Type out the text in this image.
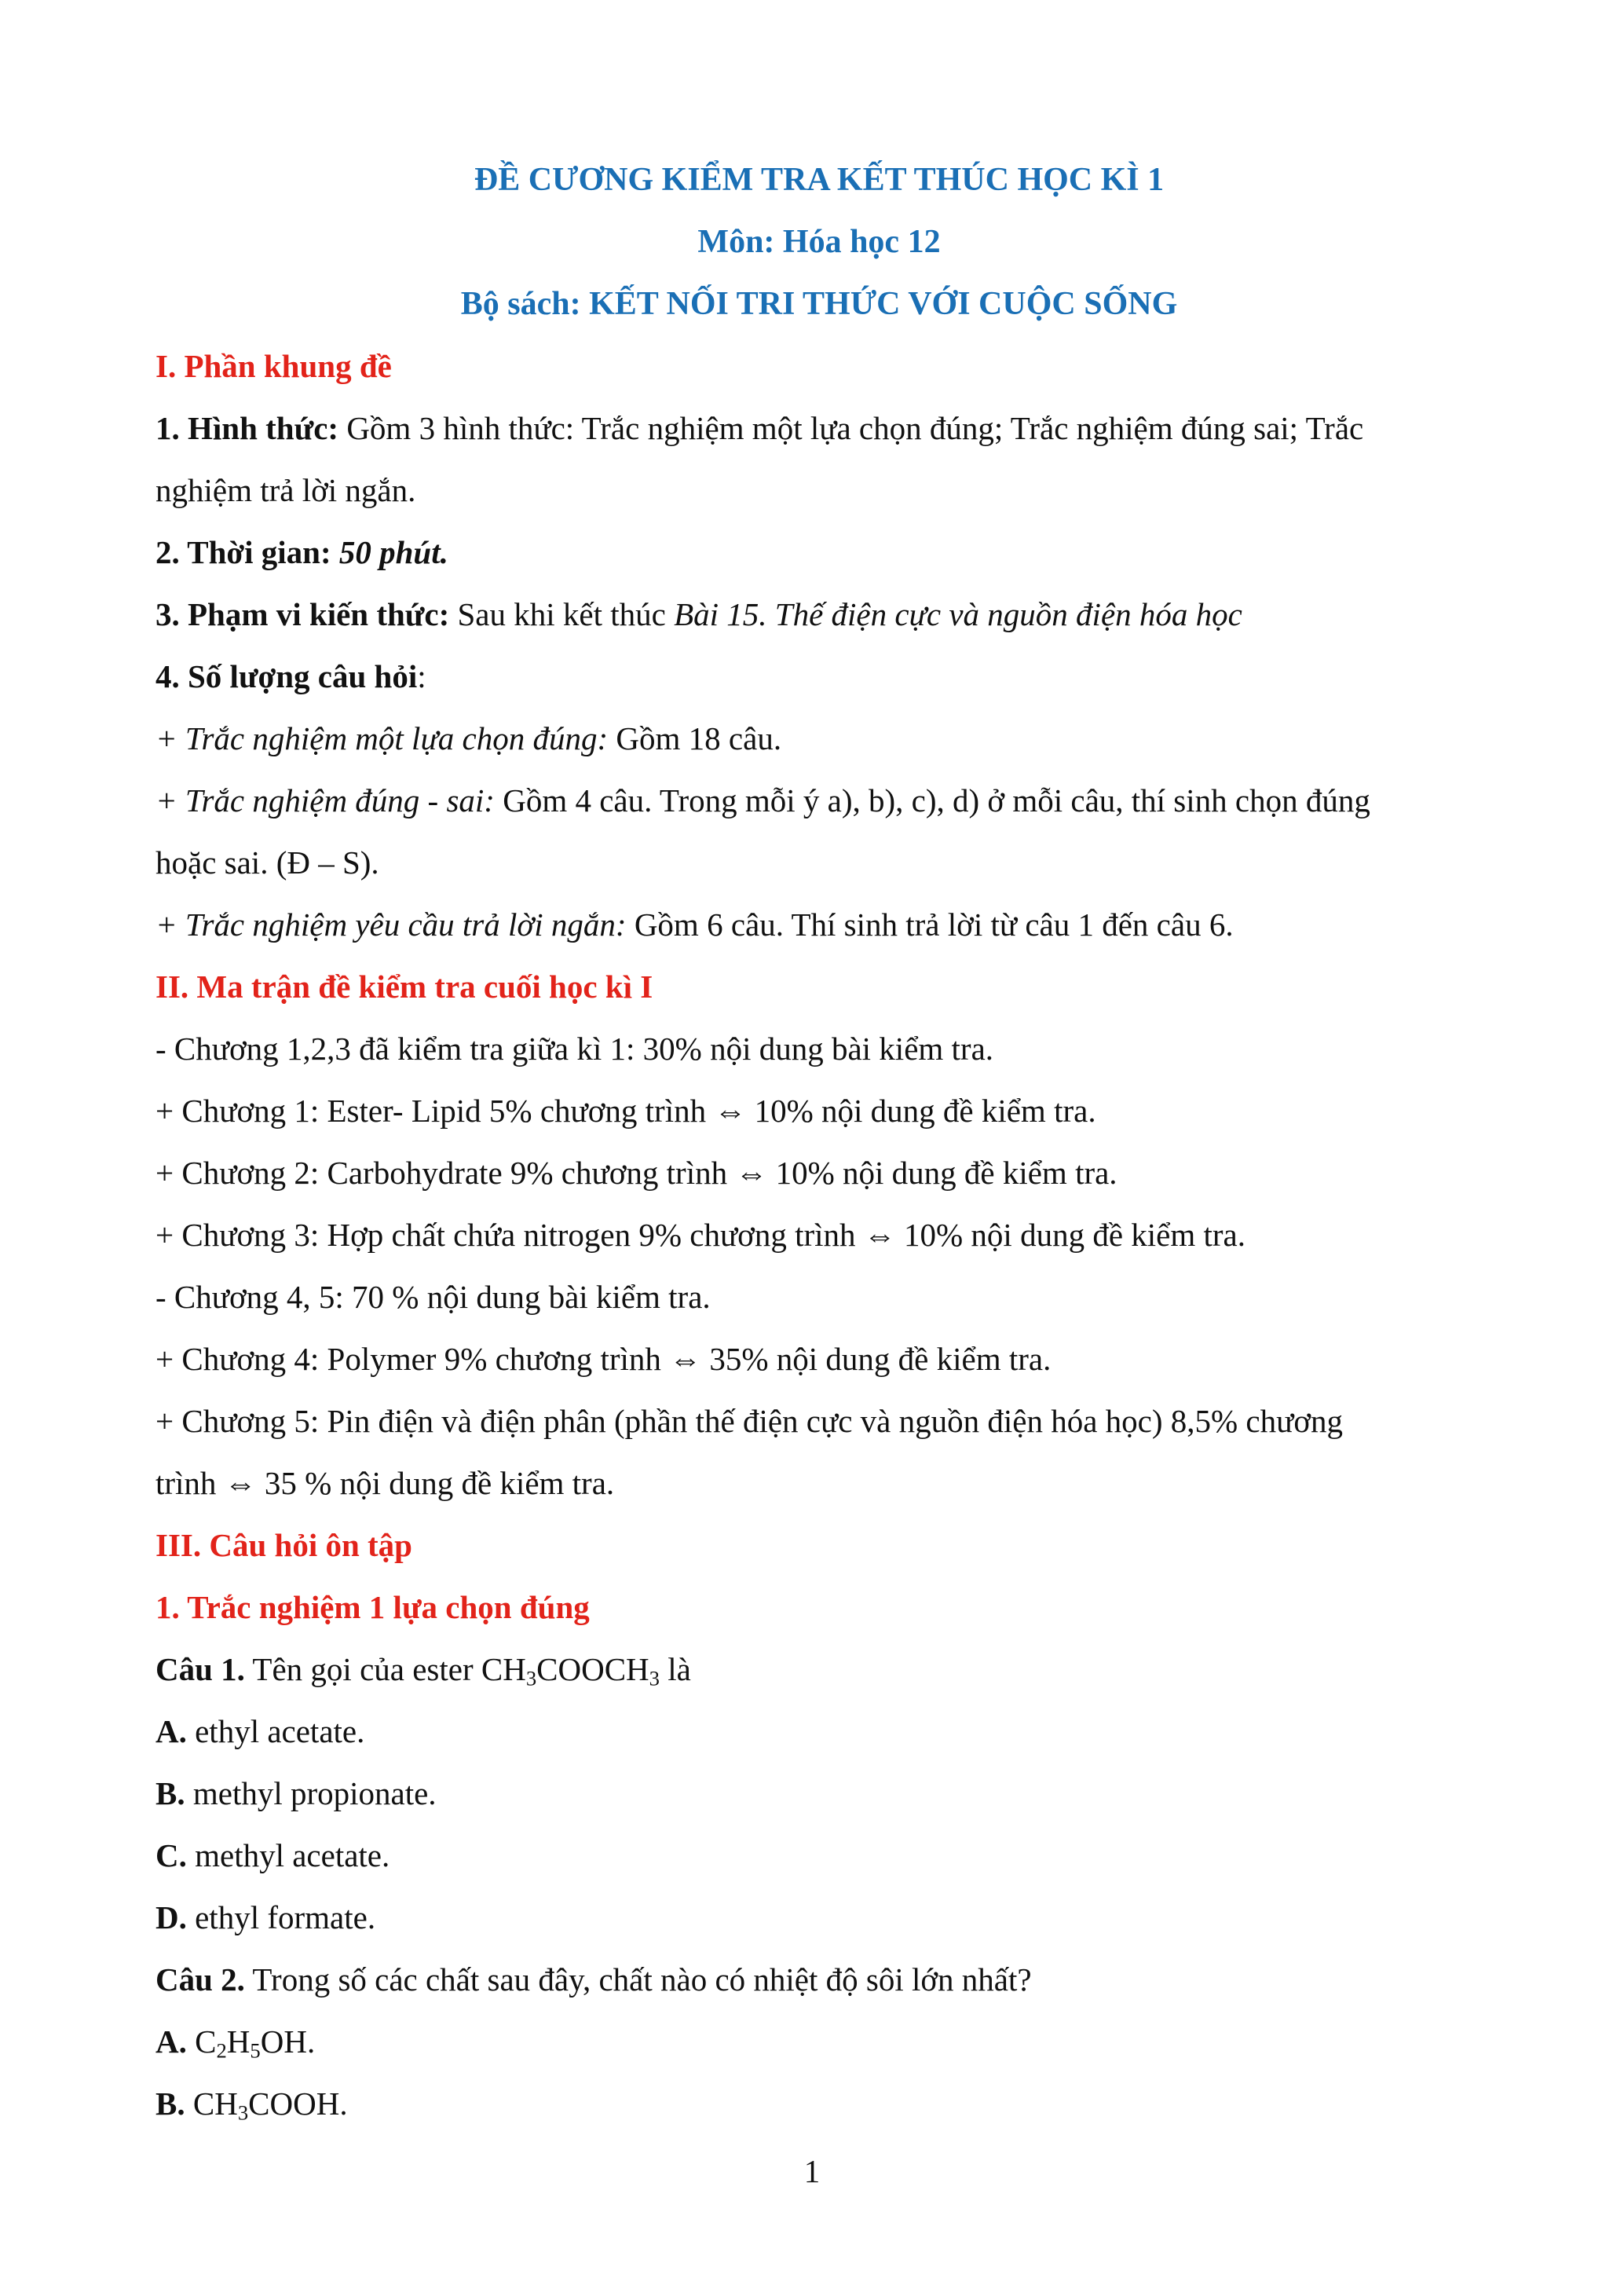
ĐỀ CƯƠNG KIỂM TRA KẾT THÚC HỌC KÌ 1
Môn: Hóa học 12
Bộ sách: KẾT NỐI TRI THỨC VỚI CUỘC SỐNG
I. Phần khung đề
1. Hình thức: Gồm 3 hình thức: Trắc nghiệm một lựa chọn đúng; Trắc nghiệm đúng sai; Trắc
nghiệm trả lời ngắn.
2. Thời gian: 50 phút.
3. Phạm vi kiến thức: Sau khi kết thúc Bài 15. Thế điện cực và nguồn điện hóa học
4. Số lượng câu hỏi:
+ Trắc nghiệm một lựa chọn đúng: Gồm 18 câu.
+ Trắc nghiệm đúng - sai: Gồm 4 câu. Trong mỗi ý a), b), c), d) ở mỗi câu, thí sinh chọn đúng
hoặc sai. (Đ – S).
+ Trắc nghiệm yêu cầu trả lời ngắn: Gồm 6 câu. Thí sinh trả lời từ câu 1 đến câu 6.
II. Ma trận đề kiểm tra cuối học kì I
- Chương 1,2,3 đã kiểm tra giữa kì 1: 30% nội dung bài kiểm tra.
+ Chương 1: Ester- Lipid 5% chương trình ⇔ 10% nội dung đề kiểm tra.
+ Chương 2: Carbohydrate 9% chương trình ⇔ 10% nội dung đề kiểm tra.
+ Chương 3: Hợp chất chứa nitrogen 9% chương trình ⇔ 10% nội dung đề kiểm tra.
- Chương 4, 5: 70 % nội dung bài kiểm tra.
+ Chương 4: Polymer 9% chương trình ⇔ 35% nội dung đề kiểm tra.
+ Chương 5: Pin điện và điện phân (phần thế điện cực và nguồn điện hóa học) 8,5% chương
trình ⇔ 35 % nội dung đề kiểm tra.
III. Câu hỏi ôn tập
1. Trắc nghiệm 1 lựa chọn đúng
Câu 1. Tên gọi của ester $CH_3COOCH_3$ là
A. ethyl acetate.
B. methyl propionate.
C. methyl acetate.
D. ethyl formate.
Câu 2. Trong số các chất sau đây, chất nào có nhiệt độ sôi lớn nhất?
A. $C_2H_5OH$.
B. $CH_3COOH$.
1
